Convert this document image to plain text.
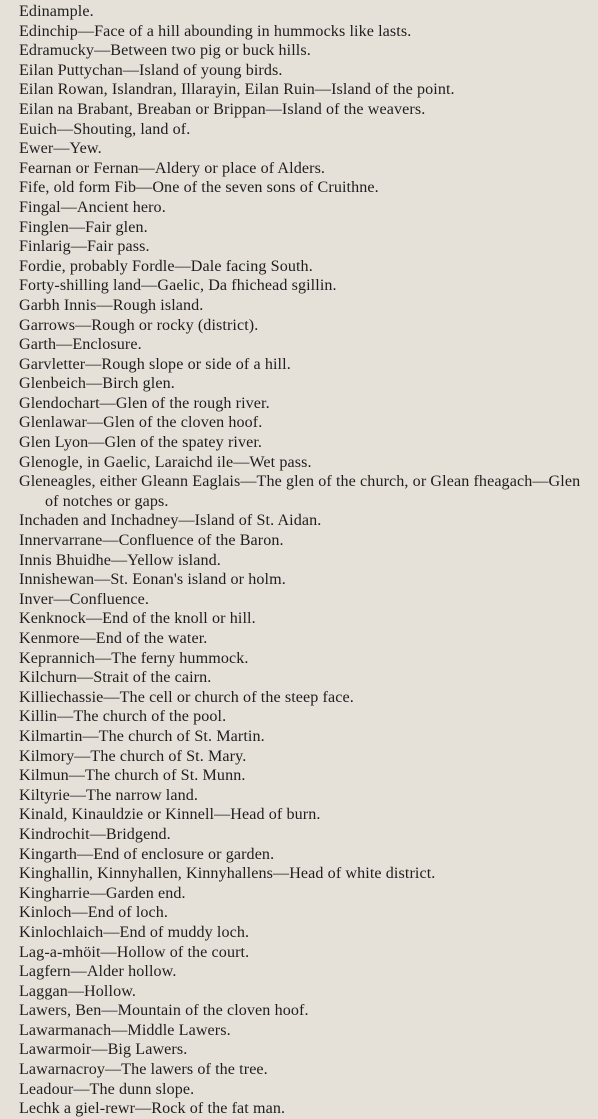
Edinample.
Edinchip—Face of a hill abounding in hummocks like lasts.
Edramucky—Between two pig or buck hills.
Eilan Puttychan—Island of young birds.
Eilan Rowan, Islandran, Illarayin, Eilan Ruin—Island of the point.
Eilan na Brabant, Breaban or Brippan—Island of the weavers.
Euich—Shouting, land of.
Ewer—Yew.
Fearnan or Fernan—Aldery or place of Alders.
Fife, old form Fib—One of the seven sons of Cruithne.
Fingal—Ancient hero.
Finglen—Fair glen.
Finlarig—Fair pass.
Fordie, probably Fordle—Dale facing South.
Forty-shilling land—Gaelic, Da fhichead sgillin.
Garbh Innis—Rough island.
Garrows—Rough or rocky (district).
Garth—Enclosure.
Garvletter—Rough slope or side of a hill.
Glenbeich—Birch glen.
Glendochart—Glen of the rough river.
Glenlawar—Glen of the cloven hoof.
Glen Lyon—Glen of the spatey river.
Glenogle, in Gaelic, Laraichd ile—Wet pass.
Gleneagles, either Gleann Eaglais—The glen of the church, or Glean fheagach—Glen of notches or gaps.
Inchaden and Inchadney—Island of St. Aidan.
Innervarrane—Confluence of the Baron.
Innis Bhuidhe—Yellow island.
Innishewan—St. Eonan's island or holm.
Inver—Confluence.
Kenknock—End of the knoll or hill.
Kenmore—End of the water.
Keprannich—The ferny hummock.
Kilchurn—Strait of the cairn.
Killiechassie—The cell or church of the steep face.
Killin—The church of the pool.
Kilmartin—The church of St. Martin.
Kilmory—The church of St. Mary.
Kilmun—The church of St. Munn.
Kiltyrie—The narrow land.
Kinald, Kinauldzie or Kinnell—Head of burn.
Kindrochit—Bridgend.
Kingarth—End of enclosure or garden.
Kinghallin, Kinnyhallen, Kinnyhallens—Head of white district.
Kingharrie—Garden end.
Kinloch—End of loch.
Kinlochlaich—End of muddy loch.
Lag-a-mhöit—Hollow of the court.
Lagfern—Alder hollow.
Laggan—Hollow.
Lawers, Ben—Mountain of the cloven hoof.
Lawarmanach—Middle Lawers.
Lawarmoir—Big Lawers.
Lawarnacroy—The lawers of the tree.
Leadour—The dunn slope.
Lechk a giel-rewr—Rock of the fat man.
